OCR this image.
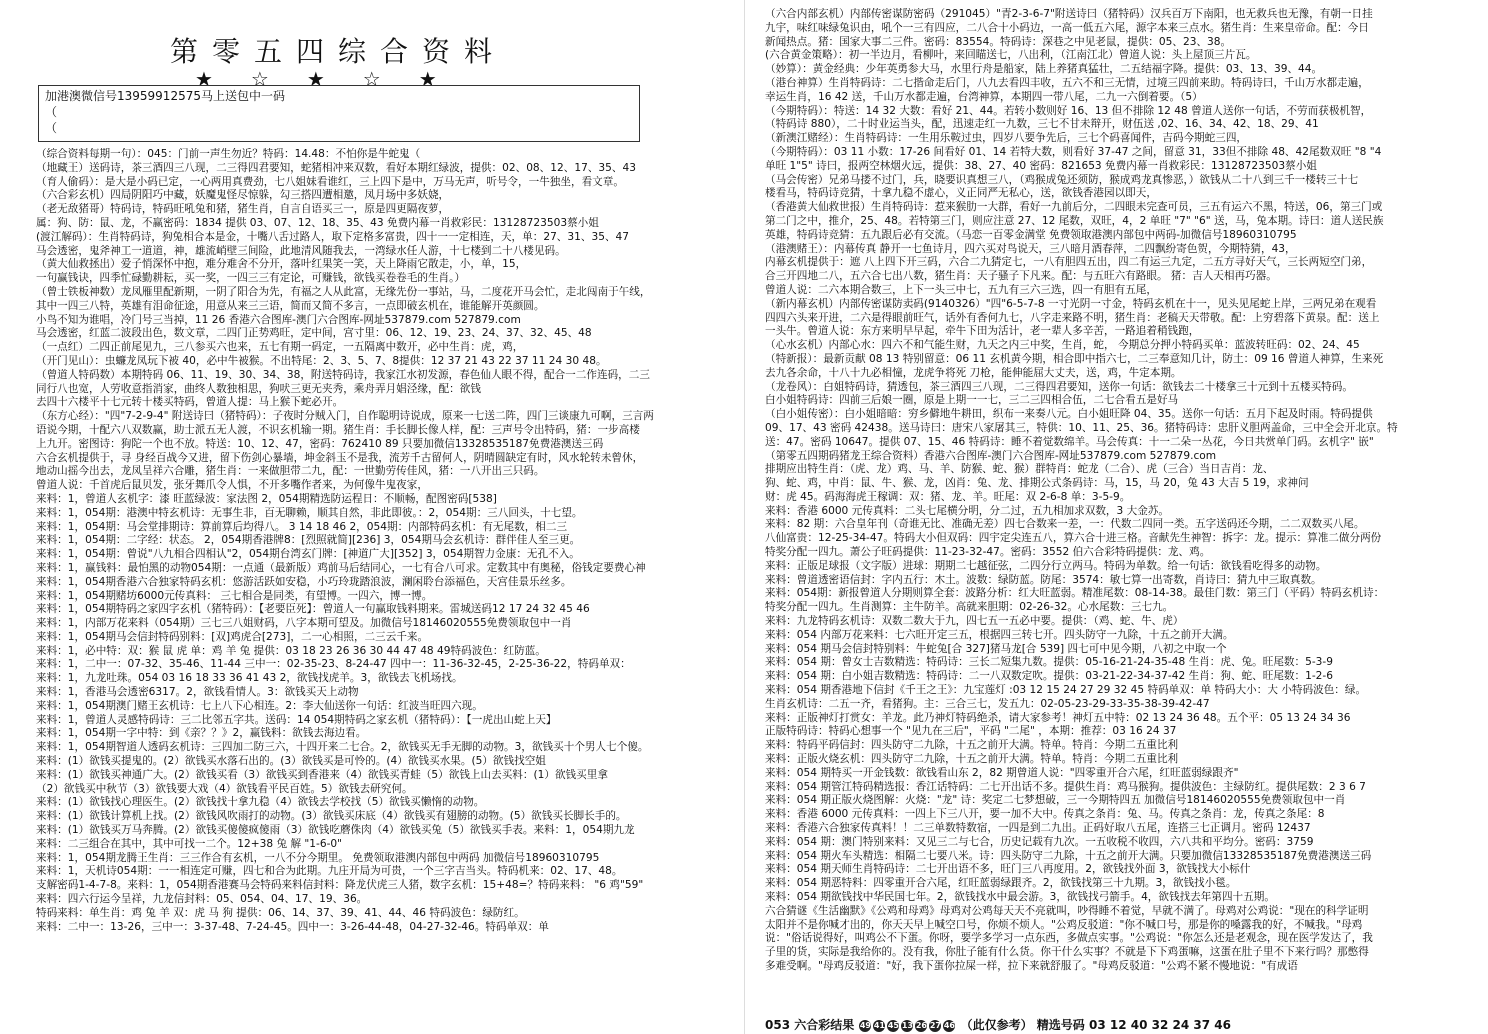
第零五四综合资料
★☆★☆★
加港澳微信号13959912575马上送包中一码
（
（
（综合资料每期一句）：045：门前一声生勿近？特码：14.48：不怕你是牛蛇鬼（
（地藏王）送码诗，茶三酒四三八现，二三得四君要知，蛇猪相冲来双数，看好本期红绿波，提供：02、08、12、17、35、43
（育人偷码）：是大是小码已定，一心两用真费劲，七八姐妹看谁红，三上四下是中，万马无声，听号令，一牛独坐，看文章。
（六合彩玄机）四局阴阳巧中藏，妖魔鬼怪尽惊躲，勾三搭四遭相邀，凤月场中多妖娆，
（老无敌猪哥）特码诗，特码旺吼兔和猪，猪生肖，自言自语买三一，原是四更隔夜萝，
属：狗、防：鼠、龙，不赢密码：1834 提供 03、07、12、18、35、43 免费内幕一肖救彩民：13128723503蔡小姐
(渡江解码）：生肖特码诗，狗兔相合本是金，十嘴八舌过路人，取下定格多富贵，四十一一定相连，天，单：27、31、35、47
马会透密，鬼斧神工一道道，神，雄流峭壁三间险，此地清风随我去，一湾绿水任人游，十七楼到二十八楼见码。
（黄大仙救拯出）爱子悄深怀中抱，难分难舍不分开，落叶红果笑一笑，天上降雨它散走，小，单，15，
一句赢钱诀，四季忙碌勤耕耘，买一奖，一四三三有定论，可赚钱，欲钱买卷卷毛的生肖。）
（曾士铁板神数）龙凤雁里配新期，一阴了阳合为先，有福之人从此富，无缘先份一事站，马，二度花开马会忙，走北闯南于午线，
其中一四三八特，英雄有泪命征途，用意从来三三语，简而又简不多言，一点即破玄机在，谁能解开英颜圆。
小鸟不知为谁唱，冷门号三当掉，11 26 香港六合图库-澳门六合图库-网址537879.com 527879.com
马会透密，红蓝二波段出色，数文章，二四门正势鸡旺，定中间，宫寸里：06、12、19、23、24、37、32、45、48
（一点红）二四正前尾见九，三八参买六也来，五七有期一码定，一五隔离中数开，必中生肖：虎，鸡，
（开门见山）：虫蠊龙凤玩下被 40，必中牛被猴。不出特尾：2、3、5、7、8提供：12 37 21 43 22 37 11 24 30 48。
（曾道人特码数）本期特码 06、11、19、30、34、38，附送特码诗，我家江水初发源，春色仙人眼不得，配合一二作连码，二三
同行八也宽，人劳收意指消家，曲终人数独相思，狗吠三更无夹秀，乘舟弄月娼泾缘，配：欲钱
去四十六楼平十七元转十楼买特码，曾道人提：马上猴下蛇必开。
（东方心经）："四"7-2-9-4" 附送诗曰（猪特码）：子夜时分贼入门，自作聪明诗说成，原来一七送二阵，四门三谈康九可啊，三言两
语说今期，十配六八双数赢，助士派五无人渡，不识玄机输一期。猪生肖：手长脚长像人样，配：三声号令出特码，猪：一步高楼
上九开。密图诗：狗陀一个也不放。特送：10、12、47，密码：762410 89 只要加微信13328535187免费港澳送三码
六合玄机提供于，寻 身经百战今又进，留下伤剑心暴墙，坤金斜玉不是我，流芳千古留何人，阴晴圆缺定有时，风水轮转未曾休，
地动山摇今出去，龙凤呈祥六合雕，猪生肖：一来做胆带二九，配：一世勤劳传佳风，猪：一八开出三只码。
曾道人说：千首虎后鼠贝发，张牙舞爪令人惧，不开多嘴作者来，为何像牛鬼夜家，
来料：1，曾道人玄机字：漆 旺蓝绿波：家法图 2，054期精选防运程日：不顺畅，配图密码[538]
来料：1，054期：港澳中特玄机诗：无事生非，百无聊赖，顺其自然，非此即彼。：2，054期：三八回头，十七望。
来料：1，054期：马会堂排期诗：算前算后均得八。 3 14 18 46 2，054期：内部特码玄机：有无尾数，相二三
来料：1，054期：二字经：状态。 2，054期香港牌8：[烈照就简][236] 3，054期马会玄机诗：群伴佳人至三更。
来料：1，054期：曾说"八九相合四相认"2，054期台湾玄门牌：[神道广大][352] 3，054期智力金康：无孔不入。
来料：1，赢钱料：最怕黑的动物054期：一点通（最新版）鸡前马后结同心，一七有合八可求。定数其中有奥秘，俗钱定要费心神
来料：1，054期香港六合独家特码玄机：悠游活跃如安稳，小巧玲珑踏浪波，澜闲聆台添福色，天宫佳景乐丝多。
来料：1，054期赌坊6000元传真料： 三七相合是同类，有望博。一四六，博一博。
来料：1，054期特码之家四字玄机（猪特码）：【老要臣死】：曾道人一句赢取钱料期来。雷城送码12 17 24 32 45 46
来料：1，内部万花来料（054期）三七三八姐财码，八字本期可望及。加微信号18146020555免费领取包中一肖
来料：1，054期马会信封特码别料：[双]鸡虎合[273]，二一心相照，二三云千来。
来料：1，必中特：双：猴 鼠 虎 单：鸡 羊 兔 提供：03 18 23 26 36 30 44 47 48 49特码波色：红防蓝。
来料：1，二中一：07-32、35-46、11-44 三中一：02-35-23、8-24-47 四中一：11-36-32-45，2-25-36-22，特码单双：
来料：1，九龙吐珠。054 03 16 18 33 36 41 43 2，欲钱找虎羊。3，欲钱去飞机场找。
来料：1，香港马会透密6317。2，欲钱看情人。3：欲钱买天上动物
来料：1，054期澳门赌王玄机诗：七上八下心相连。2：李大仙送你一句话：红波当旺四六现。
来料：1，曾道人灵感特码诗：三二比邻五字共。送码：14 054期特码之家玄机（猪特码）：【一虎出山蛇上天】
来料：1，054期一字中特：到《亲？？》2，赢钱料：欲钱去海边看。
来料：1，054期智道人透码玄机诗：三四加二防三六，十四开来二七合。2，欲钱买无手无脚的动物。3，欲钱买十个男人七个傻。
来料：(1）欲钱买提鬼的。(2）欲钱买水落石出的。(3）欲钱买是可怜的。(4）欲钱买水果。(5）欲钱找空姐
来料：(1）欲钱买神通广大。(2）欲钱买看（3）欲钱买到香港来（4）欲钱买青蛙（5）欲钱上山去买料：(1）欲钱买里拿
（2）欲钱买中秋节（3）欲钱要大戏（4）欲钱看平民百姓。5）欲钱去研究何。
来料：(1）欲钱找心理医生。(2）欲钱找十拿九稳（4）欲钱去学校找（5）欲钱买懒惰的动物。
来料：(1）欲钱计算机上找。(2）欲钱风吹雨打的动物。(3）欲钱买床底（4）欲钱买有翅膀的动物。(5）欲钱买长脚长手的。
来料：(1）欲钱买万马奔腾。(2）欲钱买傻傻疯傻雨（3）欲钱吃蘑侏肉（4）欲钱买兔（5）欲钱买手表。来料：1，054期九龙
来料：二三组合在其中，其中可找一二个。12+38 兔 解 "1-6-0"
来料：1，054期龙腾王生肖：三三作合有玄机，一八不分今期里。 免费领取港澳内部包中两码 加微信号18960310795
来料：1，天机诗054期：一一相连定可赚，四七和合为此期。九庄开局为可贵，一个三字吉当头。特码机来：02、17、48。
支解密码1-4-7-8。来料：1，054期香港赛马会特码来料信封料：降龙伏虎三人猪，数字玄机：15+48=？特码来料： "6 鸡"59"
来料：四六行运今呈祥，九龙信封料：05、054、04、17、19、36。
特码来料：单生肖：鸡 兔 羊 双：虎 马 狗 提供：06、14、37、39、41、44、46 特码波色：绿防红。
来料：二中一：13-26，三中一：3-37-48、7-24-45。四中一：3-26-44-48，04-27-32-46。特码单双：单
（六合内部玄机）内部传密谋防密码（291045）"青2-3-6-7"附送诗曰（猪特码）汉兵百万下南阳，也无救兵也无豫，有朝一日挂
九宇，味红味绿兔识由，吼个一三有四应，二八合十小码边，一高一低五六尾，源字本来三点水。猪生肖：生来皇帝命。配：今日
新闻热点。猪：国家大事二三件。密码：83554。特码诗：深巷之中见老鼠，提供：05、23、38。
(六合黄金策略）：初一半边月，看柳叶，来回瞄送七，八出利，（江南江北）曾道人说：头上屋顶三片瓦。
（妙算）：黄金经典：少年英勇参大马，水里行舟是船家，陆上养猪真猛壮，二五结福字降。提供：03、13、39、44。
（港台神算）生肖特码诗：二七揩命走后门，八九去看四丰收，五六不和三无情，过境三四前来助。特码诗曰，千山万水都走遍，
幸运生肖，16 42 送，千山万水都走遍，台湾神算，本期四一带八尾，二九一六倒着要。（5）
（今期特码）：特送：14 32 大数：看好 21、44。若转小数则好 16、13 但不排除 12 48 曾道人送你一句话，不劳而获极机智，
（特码诗 880），二十时业运当头，配，迅速走红一九数，三七不甘未辩开，财伍送 ,02、16、34、42、18、29、41
（新澳江赌经）：生肖特码诗：一生用乐鞍过虫，四岁八要争先后，三七个码喜闻件，吉码今期蛇三四，
（今期特码）：03 11 小数：17-26 间看好 01、14 若特大数，则看好 37-47 之间，留意 31，33但不排除 48、42尾数双旺 "8 "4
单旺 1"5" 诗曰，报两空林烟火远，提供：38、27、40 密码：821653 免费内幕一肖救彩民：13128723503蔡小姐
（马会传密）兄弟马搂不过门，兵，晓要识真想三八，（鸡猴成兔还须防，猴成鸡龙真惨恶，）欲钱从二十八到三千一楼转三十七
楼看马，特码诗竞猜，十拿九稳不虚心，义正同严无私心，送，欲钱香港园以即天，
（香港黄大仙救世报）生肖特码诗：惹来猴肋一大群，看好一九前后分，二四眼未完查可员，三五有运六不黑，特送，06，第三门或
第二门之中，推介，25、48。若特第三门，则应注意 27、12 尾数，双旺，4，2 单旺 "7" "6" 送，马，兔本期。诗曰：道人送民族
英雄，特码诗竞猜：五九跟后必有交流。（马恋一百零金满堂 免费领取港澳内部包中两码-加微信号18960310795
（港澳赌王）：内幕传真 静开一七鱼诗月，四六买对鸟说天，三八暗月酒春萍，二四飘纷寄色贺，今期特猜，43，
内幕玄机提供于：遮 八上四下开三码，六合二九猜定七，一八有胆四五出，四二有运三九定，二五方寻好天气，三长两短空门弟，
合三开四地二八，五六合七出八数，猪生肖：天子骚子下凡来。配：与五旺六有路眼。 猪：吉人天相再巧器。
曾道人说：二六本期合数三，上下一头三中七，五九有三六三选，四一有胆有五尾，
（新内幕玄机）内部传密谋防卖码(9140326）"四"6-5-7-8 一寸光阴一寸金，特码玄机在十一，见头见尾蛇上岸，三两兄弟在观看
四四六头来开进，二六是得眼前旺气，话外有香何九七，八字走来路不明，猪生肖：老稿天天带敬。配：上穷碧落下黄泉。配：送上
一头牛。曾道人说：东方来明早早起，牵牛下田为活计，老一辈人多辛苦，一路追着稍钱跑，
（心水玄机）内部心水：四六不和气能生财，九天之内三中奖，生肖，蛇， 今期总分押小特码买单：蓝波转旺码：02、24、45
（特新报）：最新贡献 08 13 特别留意：06 11 玄机黄今期，相合即中指六七，二三奉意知几计，防土：09 16 曾道人神算，生来死
去九各余命，十八十九必相憧，龙虎争将死 刀枪，能伸能屈大丈夫，送，鸡，牛定本期。
（龙卷风）：白姐特码诗，猜透包，茶三酒四三八现，二三得四君要知，送你一句话：欲钱去二十楼拿三十元到十五楼买特码。
白小姐特码诗：四前三后娘一圈，原是上期一一七，三二三四相合伍，二七合看五是好马
（白小姐传密）：白小姐暗暗：穷乡僻地牛耕田，织布一来奏八元。白小姐旺降 04、35。送你一句话：五月下起及时雨。特码提供
09、17、43 密码 42438。送马诗曰：唐宋八家屠其三，特供：10、11、25、36。猪特码诗：忠肝义胆两盖命，三中全会开北京。特
送：47。密码 10647。提供 07、15、46 特码诗：睡不着觉数绵羊。马会传真：十一二朵一丛花，今日共赏单门码。玄机字" 嵌"
（第零五四期码猪龙王综合资料）香港六合图库-澳门六合图库-网址537879.com 527879.com
排期应出特生肖：（虎、龙）鸡、马、羊、防猴、蛇、猴）群特肖：蛇龙（二合）、虎（三合）当日吉肖：龙、
狗、蛇、鸡，中肖：鼠、牛、猴、龙，凶肖：兔、龙、排期公式条码诗：马，15，马 20，兔 43 大吉 5 19，求神问
财：虎 45。码海海虎王稼调：双：猪、龙、羊。旺尾：双 2-6-8 单：3-5-9。
来料：香港 6000 元传真料：二头七尾横分明，分二过，五九相加求双数，3 大金苏。
来料：82 期：六合皇年刊（奇谁无比、准确无差）四七合数来一差，一：代数二四同一类。五字送码还今期，二二双数买八尾。
八仙富贵：12-25-34-47。特码大小但双码：四宇定尖连五八，算六合十进三格。音献先生神智：拆字：龙。提示：算准二做分两份
特奖分配一四九。萧公子旺码提供：11-23-32-47。密码：3552 伯六合彩特码提供：龙、鸡。
来料：正版足球报（文字版）进球：期期二七越征弦，二四分行立两马。特码为单数。给一句话：欲钱看吃得多的动物。
来料：曾道透密语信封：字内五行：木土。波数：绿防蓝。防尾：3574：敏七算一出寄数，肖诗曰：猜九中三取真数。
来料：054期：新报曾道人分期则算全套：波路分析：红大旺蓝弱。精准尾数：08-14-38。最佳门数：第三门（平码）特码玄机诗：
特奖分配一四九。生肖测算：主牛防羊。高就来胆期：02-26-32。心水尾数：三七九。
来料：九龙特码玄机诗：双数二数大于九，四七五一五必中要。提供：（鸡、蛇、牛、虎）
来料：054 内部万花来料：七六旺开定三五，根据四三转七开。四头防守一九除，十五之前开大满。
来料：054 期马会信封特别料：牛蛇兔[合 327]猪马龙[合 539] 四七可中见今期，八初之中取一个
来料：054 期：曾女士吉数精选：特码诗：三长二短集九数。提供：05-16-21-24-35-48 生肖：虎、兔。旺尾数：5-3-9
来料：054 期：白小姐吉数精选：特码诗：二一八双数定吹。提供：03-21-22-34-37-42 生肖：狗、蛇、旺尾数：1-2-6
来料：054 期香港地下信封《千王之王》：九宝莲灯 :03 12 15 24 27 29 32 45 特码单双：单 特码大小：大 小特码波色：绿。
生肖玄机诗：二五一齐，看猪狗。主：三合三七，发五九：02-05-23-29-33-35-38-39-42-47
来料：正版神灯打赏女：羊龙。此乃神灯特码绝杀，请大家参考！神灯五中特：02 13 24 36 48。五个平：05 13 24 34 36
正版特码诗：特码心想事一个 "见九在三后"，平码 "二尾" ，本期：推荐：03 16 24 37
来料：特码平码信封：四头防守二九除，十五之前开大满。特单。特肖：今期二五重比利
来料：正版火烧玄机：四头防守二九除，十五之前开大满。特单。特肖：今期二五重比利
来料：054 期特买一开金钱数：欲钱看山东 2，82 期曾道人说："四零重开合六尾，红旺蓝弱绿跟齐"
来料：054 期管江特码精选报：香江话特码：二七开出话不多。提供生肖：鸡马猴狗。提供波色：主绿防红。提供尾数：2 3 6 7
来料：054 期正版火烧图解：火烧："龙" 诗：奖定二七梦想破，三一今期特四五 加微信号18146020555免费领取包中一肖
来料：香港 6000 元传真料：一四上下三八开，要一加不大中。传真之条肖：兔、马。传真之条肖：龙，传真之条尾：8
来料：香港六合独家传真料！！二三单数特数宿，一四是到二九出。正码好取八五尾，连搭三七正调月。密码 12437
来料：054 期：澳门特别来料：又见三二与七合，历史记载有九次。一五收税不收四，六八共和平均分。密码：3759
来料：054 期火车头精选：相隔二七要八米。诗：四头防守二九除，十五之前开大满。只要加微信13328535187免费港澳送三码
来料：054 期天师生肖特码诗：二七开出语不多，旺门三八再度用。2，欲钱找外面 3，欲钱找大小标什
来料：054 期恶特料：四零重开合六尾，红旺蓝弱绿跟齐。2，欲钱找第三十九期。3，欲钱找小毯。
来料：054 期欲钱找中华民国七年。2，欲钱找水中最会游。3，欲钱找弓箭手。4，欲钱找去年第四十五期。
六合猜谜《生活幽默》《公鸡和母鸡》母鸡对公鸡每天天不亮就叫，吵得睡不着觉，早就不满了。母鸡对公鸡说："现在的科学证明
太阳并不是你喊才出的，你天天早上喊空口号，你烦不烦人。"公鸡反驳道："你不喊口号，那是你的嗓露我的好，不喊我。"母鸡
说："俗话说得好，叫鸡公不下蛋。你呀，要学多学习一点东西，多做点实事。"公鸡说："你怎么还是老观念，现在医学发达了，我
子里的货，实际是我给你的。没有我，你肚子能有什么货。你干什么实事？不就是下下鸡蛋嘛，这蛋在肚子里不下来行吗？那憋得
多难受啊。"母鸡反驳道："好，我下蛋你拉屎一样，拉下来就舒服了。"母鸡反驳道："公鸡不紧不慢地说："有成语
053 六合彩结果 49 41 45 13 26 27 46 （此仅参考） 精选号码 03 12 40 32 24 37 46
